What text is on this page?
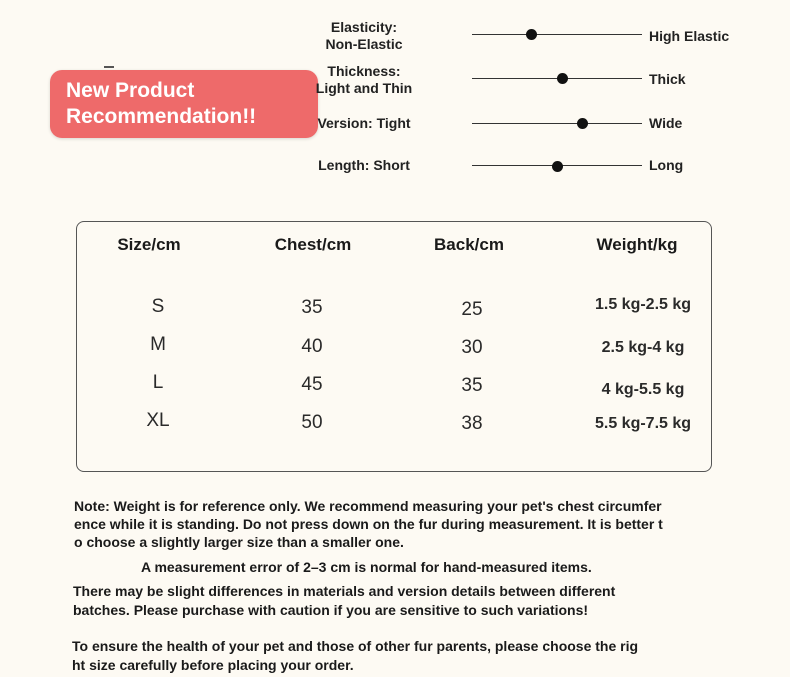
New Product
Recommendation!!
Elasticity:
Non-Elastic	High Elastic
Thickness:
Light and Thin
Thick
Version: Tight	Wide
Length: Short	Long
Size/cm	Chest/cm	Back/cm	Weight/kg
S	35	25	1.5 kg-2.5 kg
M	40	30	2.5 kg-4 kg
L	45	35	4 kg-5.5 kg
XL	50	38	5.5 kg-7.5 kg
Note: Weight is for reference only. We recommend measuring your pet's chest circumfer
ence while it is standing. Do not press down on the fur during measurement. It is better t
o choose a slightly larger size than a smaller one.
A measurement error of 2–3 cm is normal for hand-measured items.
There may be slight differences in materials and version details between different
batches. Please purchase with caution if you are sensitive to such variations!
To ensure the health of your pet and those of other fur parents, please choose the rig
ht size carefully before placing your order.
